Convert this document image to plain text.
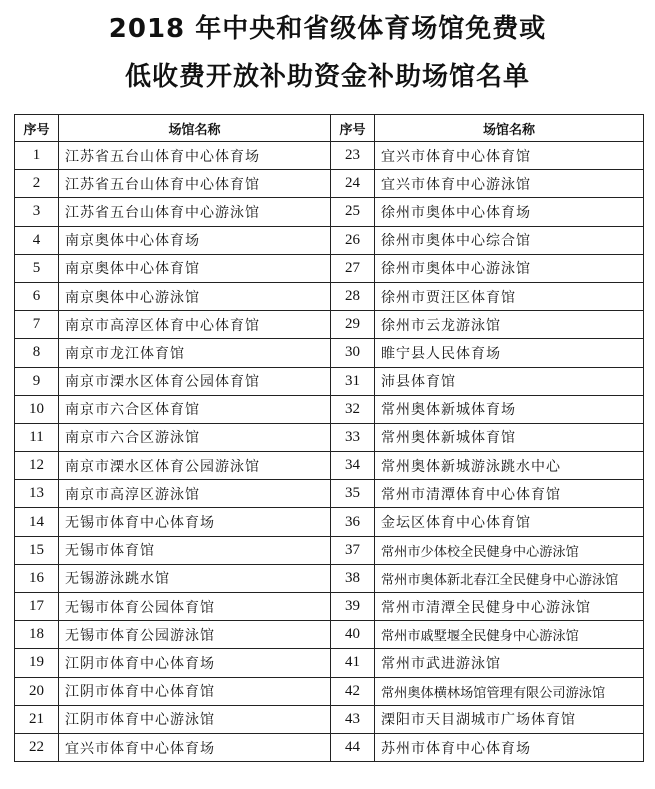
2018 年中央和省级体育场馆免费或
低收费开放补助资金补助场馆名单
序号	场馆名称	序号	场馆名称
1	江苏省五台山体育中心体育场	23	宜兴市体育中心体育馆
2	江苏省五台山体育中心体育馆	24	宜兴市体育中心游泳馆
3	江苏省五台山体育中心游泳馆	25	徐州市奥体中心体育场
4	南京奥体中心体育场	26	徐州市奥体中心综合馆
5	南京奥体中心体育馆	27	徐州市奥体中心游泳馆
6	南京奥体中心游泳馆	28	徐州市贾汪区体育馆
7	南京市高淳区体育中心体育馆	29	徐州市云龙游泳馆
8	南京市龙江体育馆	30	睢宁县人民体育场
9	南京市溧水区体育公园体育馆	31	沛县体育馆
10	南京市六合区体育馆	32	常州奥体新城体育场
11	南京市六合区游泳馆	33	常州奥体新城体育馆
12	南京市溧水区体育公园游泳馆	34	常州奥体新城游泳跳水中心
13	南京市高淳区游泳馆	35	常州市清潭体育中心体育馆
14	无锡市体育中心体育场	36	金坛区体育中心体育馆
15	无锡市体育馆	37	常州市少体校全民健身中心游泳馆
16	无锡游泳跳水馆	38	常州市奥体新北春江全民健身中心游泳馆
17	无锡市体育公园体育馆	39	常州市清潭全民健身中心游泳馆
18	无锡市体育公园游泳馆	40	常州市戚墅堰全民健身中心游泳馆
19	江阴市体育中心体育场	41	常州市武进游泳馆
20	江阴市体育中心体育馆	42	常州奥体横林场馆管理有限公司游泳馆
21	江阴市体育中心游泳馆	43	溧阳市天目湖城市广场体育馆
22	宜兴市体育中心体育场	44	苏州市体育中心体育场
